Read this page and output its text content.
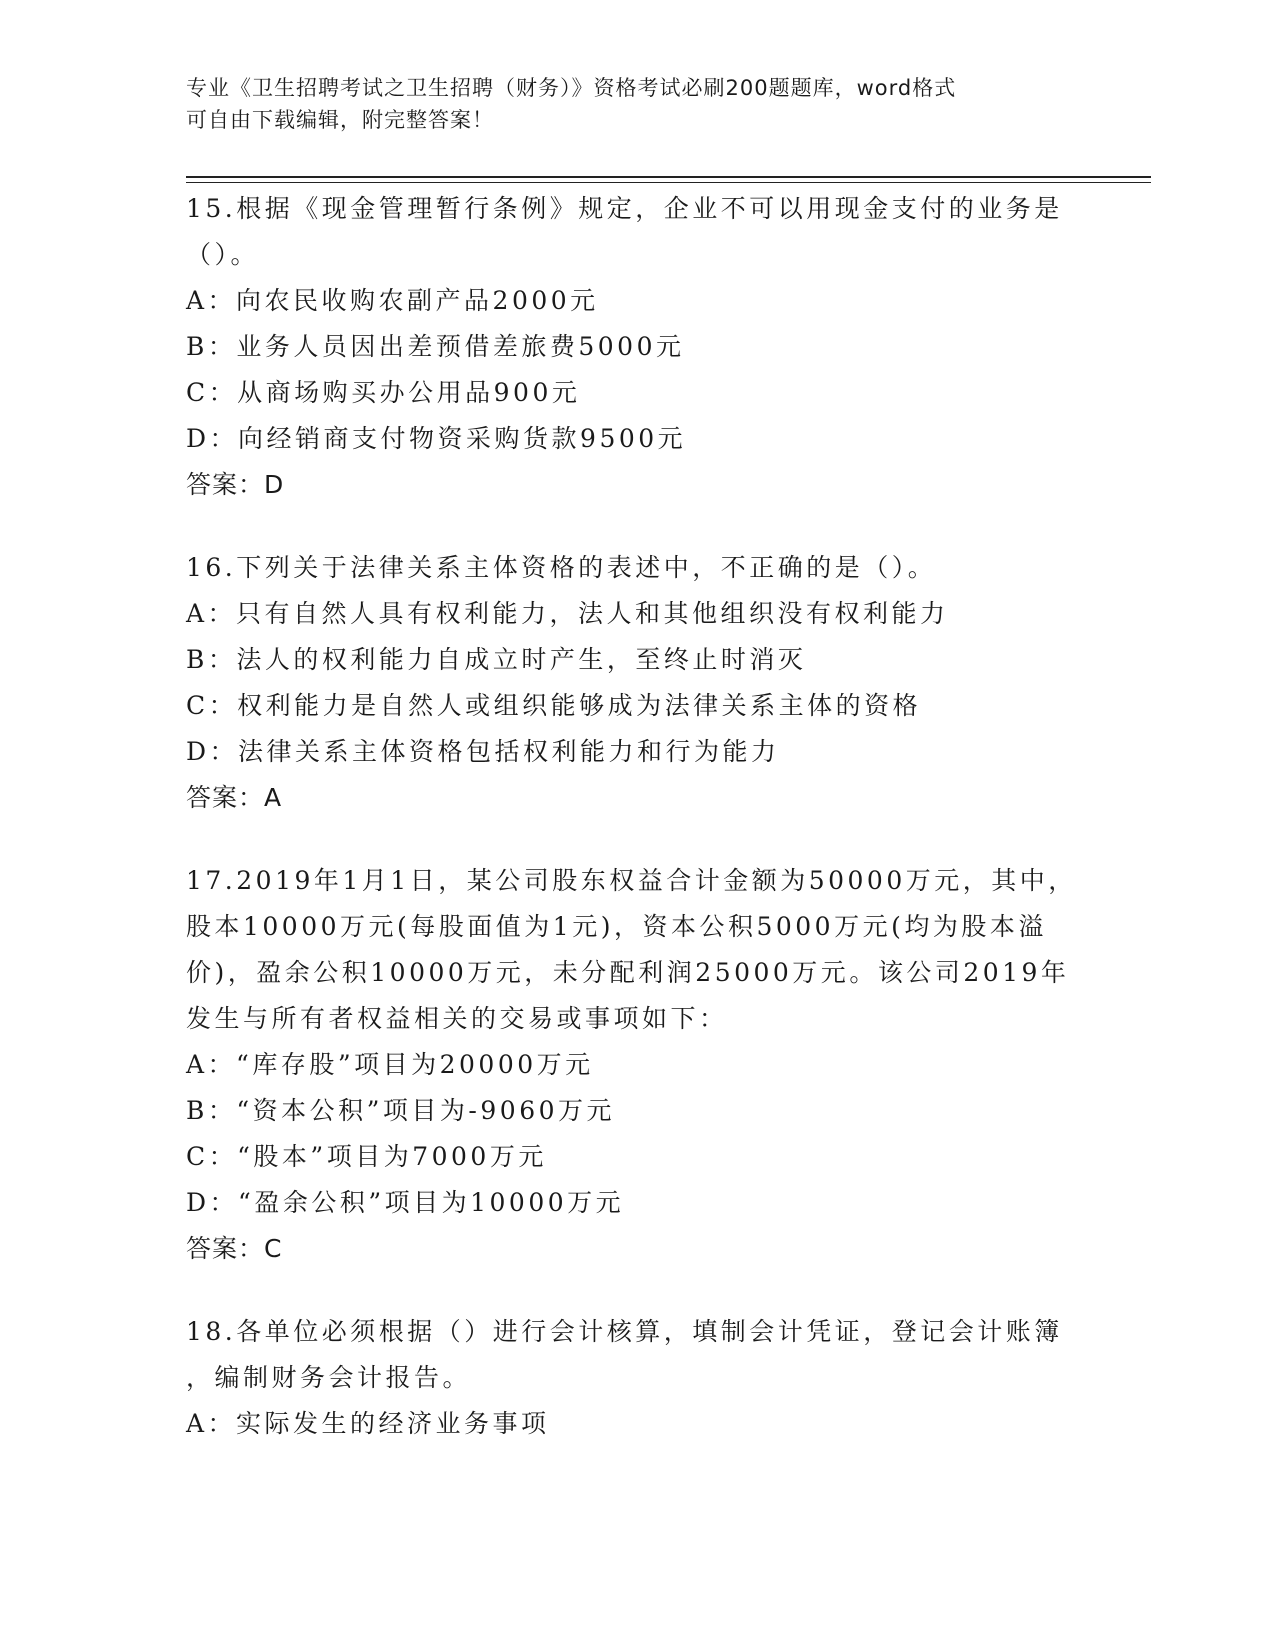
专业《卫生招聘考试之卫生招聘（财务）》资格考试必刷200题题库，word格式
可自由下载编辑，附完整答案！

15.根据《现金管理暂行条例》规定，企业不可以用现金支付的业务是

（）。

A：向农民收购农副产品2000元

B：业务人员因出差预借差旅费5000元

C：从商场购买办公用品900元

D：向经销商支付物资采购货款9500元

答案：D

16.下列关于法律关系主体资格的表述中，不正确的是（）。

A：只有自然人具有权利能力，法人和其他组织没有权利能力

B：法人的权利能力自成立时产生，至终止时消灭

C：权利能力是自然人或组织能够成为法律关系主体的资格

D：法律关系主体资格包括权利能力和行为能力

答案：A

17.2019年1月1日，某公司股东权益合计金额为50000万元，其中，

股本10000万元(每股面值为1元)，资本公积5000万元(均为股本溢

价)，盈余公积10000万元，未分配利润25000万元。该公司2019年

发生与所有者权益相关的交易或事项如下：

A：“库存股”项目为20000万元

B：“资本公积”项目为-9060万元

C：“股本”项目为7000万元

D：“盈余公积”项目为10000万元

答案：C

18.各单位必须根据（）进行会计核算，填制会计凭证，登记会计账簿

，编制财务会计报告。

A：实际发生的经济业务事项
